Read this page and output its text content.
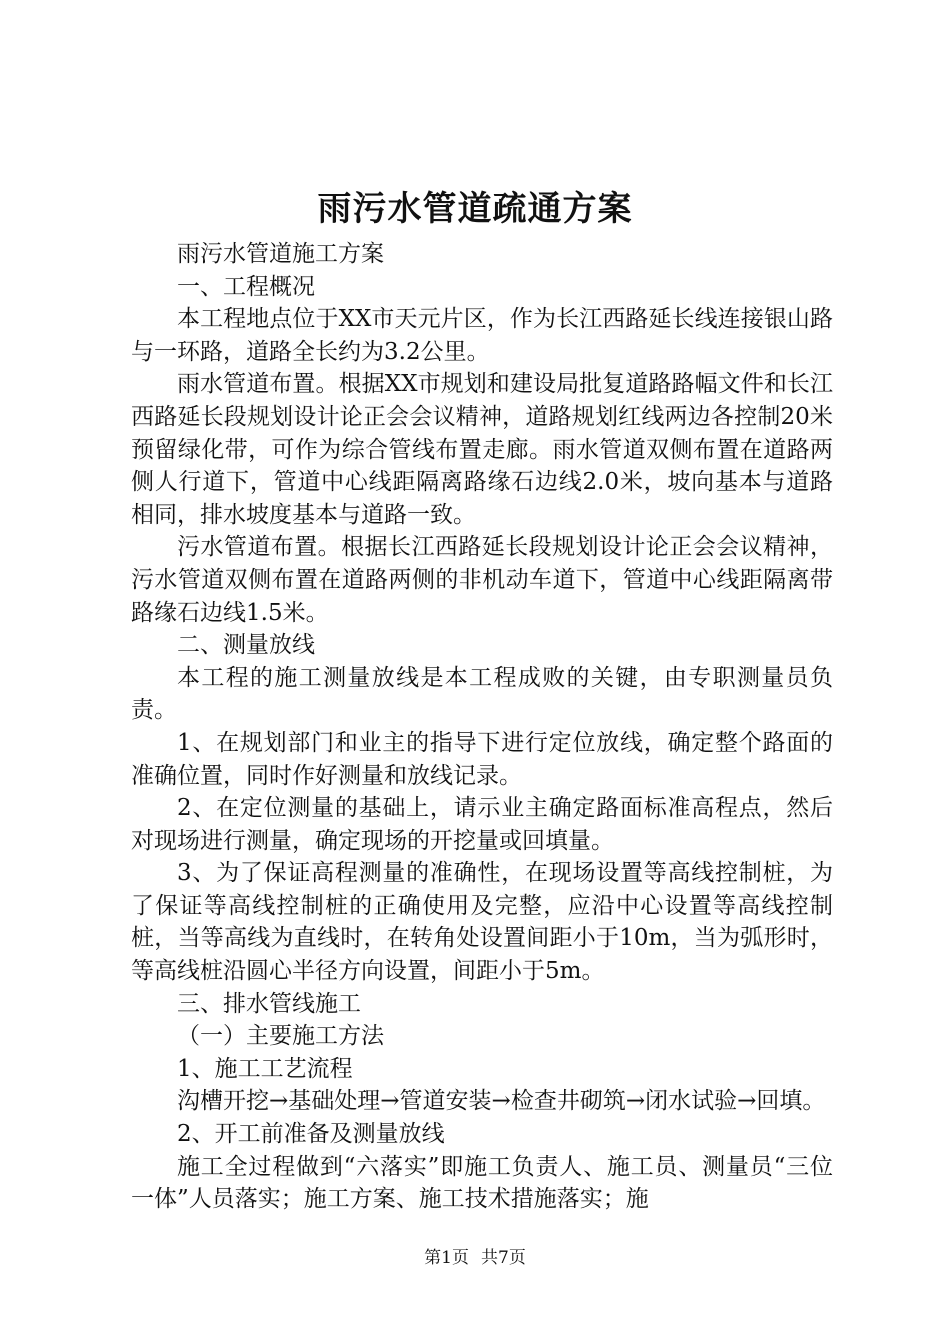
雨污水管道疏通方案

雨污水管道施工方案

一、工程概况

本工程地点位于XX市天元片区，作为长江西路延长线连接银山路与一环路，道路全长约为3.2公里。

雨水管道布置。根据XX市规划和建设局批复道路路幅文件和长江西路延长段规划设计论正会会议精神，道路规划红线两边各控制20米预留绿化带，可作为综合管线布置走廊。雨水管道双侧布置在道路两侧人行道下，管道中心线距隔离路缘石边线2.0米，坡向基本与道路相同，排水坡度基本与道路一致。

污水管道布置。根据长江西路延长段规划设计论正会会议精神，污水管道双侧布置在道路两侧的非机动车道下，管道中心线距隔离带路缘石边线1.5米。

二、测量放线

本工程的施工测量放线是本工程成败的关键，由专职测量员负责。

1、在规划部门和业主的指导下进行定位放线，确定整个路面的准确位置，同时作好测量和放线记录。

2、在定位测量的基础上，请示业主确定路面标准高程点，然后对现场进行测量，确定现场的开挖量或回填量。

3、为了保证高程测量的准确性，在现场设置等高线控制桩，为了保证等高线控制桩的正确使用及完整，应沿中心设置等高线控制桩，当等高线为直线时，在转角处设置间距小于10m，当为弧形时，等高线桩沿圆心半径方向设置，间距小于5m。

三、排水管线施工

（一）主要施工方法

1、施工工艺流程

沟槽开挖→基础处理→管道安装→检查井砌筑→闭水试验→回填。

2、开工前准备及测量放线

施工全过程做到“六落实”即施工负责人、施工员、测量员“三位一体”人员落实；施工方案、施工技术措施落实；施

第1页 共7页
